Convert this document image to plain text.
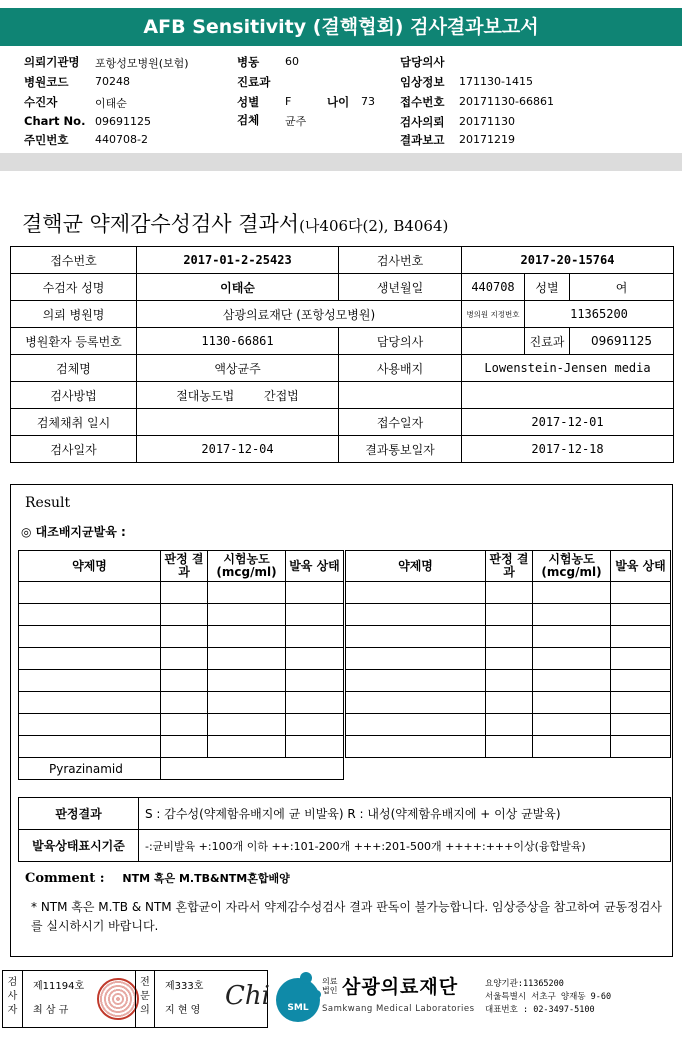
AFB Sensitivity (결핵협회) 검사결과보고서
의뢰기관명 포항성모병원(보험)
병원코드 70248
수진자	이태순
Chart No. 09691125
주민번호 440708-2
병동 60
진료과
성별 F	나이 73
검체 균주
담당의사
임상정보 171130-1415
접수번호 20171130-66861
검사의뢰 20171130
결과보고 20171219
결핵균 약제감수성검사 결과서(나406다(2), B4064)
접수번호	2017-01-2-25423	검사번호	2017-20-15764		
수검자 성명	이태순	생년월일	440708	성별	여
의뢰 병원명	삼광의료재단 (포항성모병원)		병의원 지정번호	11365200	
병원환자 등록번호	1130-66861	담당의사		진료과	09691125
검체명	액상균주	사용배지	Lowenstein-Jensen media		
검사방법	절대농도법 간접법				
검체채취 일시		접수일자	2017-12-01		
검사일자	2017-12-04	결과통보일자	2017-12-18		
Result
◎ 대조배지균발육 :
약제명	판정 결과	시험농도 (mcg/ml)	발육 상태		약제명	판정 결과	시험농도 (mcg/ml)	발육 상태

Pyrazinamid								
판정결과	S : 감수성(약제함유배지에 균 비발육) R : 내성(약제함유배지에 + 이상 균발육)
발육상태표시기준	-:균비발육 +:100개 이하 ++:101-200개 +++:201-500개 ++++:+++이상(융합발육)
Comment : NTM 혹은 M.TB&NTM혼합배양
* NTM 혹은 M.TB & NTM 혼합균이 자라서 약제감수성검사 결과 판독이 불가능합니다. 임상증상을 참고하여 균동정검사를 실시하시기 바랍니다.
검사자
제11194호
최 삼 규
전문의
제333호
지 현 영 Chi	SML
의료법인 삼광의료재단
Samkwang Medical Laboratories
요양기관:11365200
서울특별시 서초구 양재동 9-60
대표번호 : 02-3497-5100
